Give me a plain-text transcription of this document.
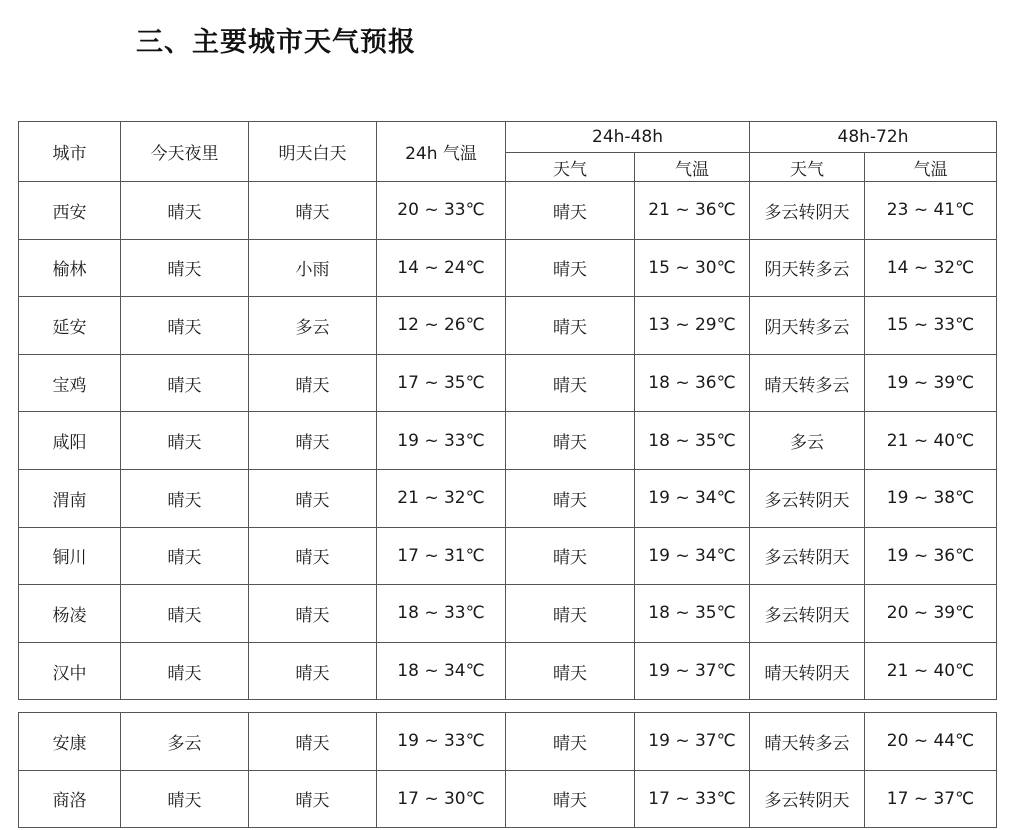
三、主要城市天气预报
城市	今天夜里	明天白天	24h 气温	24h-48h		48h-72h	
				天气	气温	天气	气温
西安	晴天	晴天	20 ~ 33℃	晴天	21 ~ 36℃	多云转阴天	23 ~ 41℃
榆林	晴天	小雨	14 ~ 24℃	晴天	15 ~ 30℃	阴天转多云	14 ~ 32℃
延安	晴天	多云	12 ~ 26℃	晴天	13 ~ 29℃	阴天转多云	15 ~ 33℃
宝鸡	晴天	晴天	17 ~ 35℃	晴天	18 ~ 36℃	晴天转多云	19 ~ 39℃
咸阳	晴天	晴天	19 ~ 33℃	晴天	18 ~ 35℃	多云	21 ~ 40℃
渭南	晴天	晴天	21 ~ 32℃	晴天	19 ~ 34℃	多云转阴天	19 ~ 38℃
铜川	晴天	晴天	17 ~ 31℃	晴天	19 ~ 34℃	多云转阴天	19 ~ 36℃
杨凌	晴天	晴天	18 ~ 33℃	晴天	18 ~ 35℃	多云转阴天	20 ~ 39℃
汉中	晴天	晴天	18 ~ 34℃	晴天	19 ~ 37℃	晴天转阴天	21 ~ 40℃
安康	多云	晴天	19 ~ 33℃	晴天	19 ~ 37℃	晴天转多云	20 ~ 44℃
商洛	晴天	晴天	17 ~ 30℃	晴天	17 ~ 33℃	多云转阴天	17 ~ 37℃
